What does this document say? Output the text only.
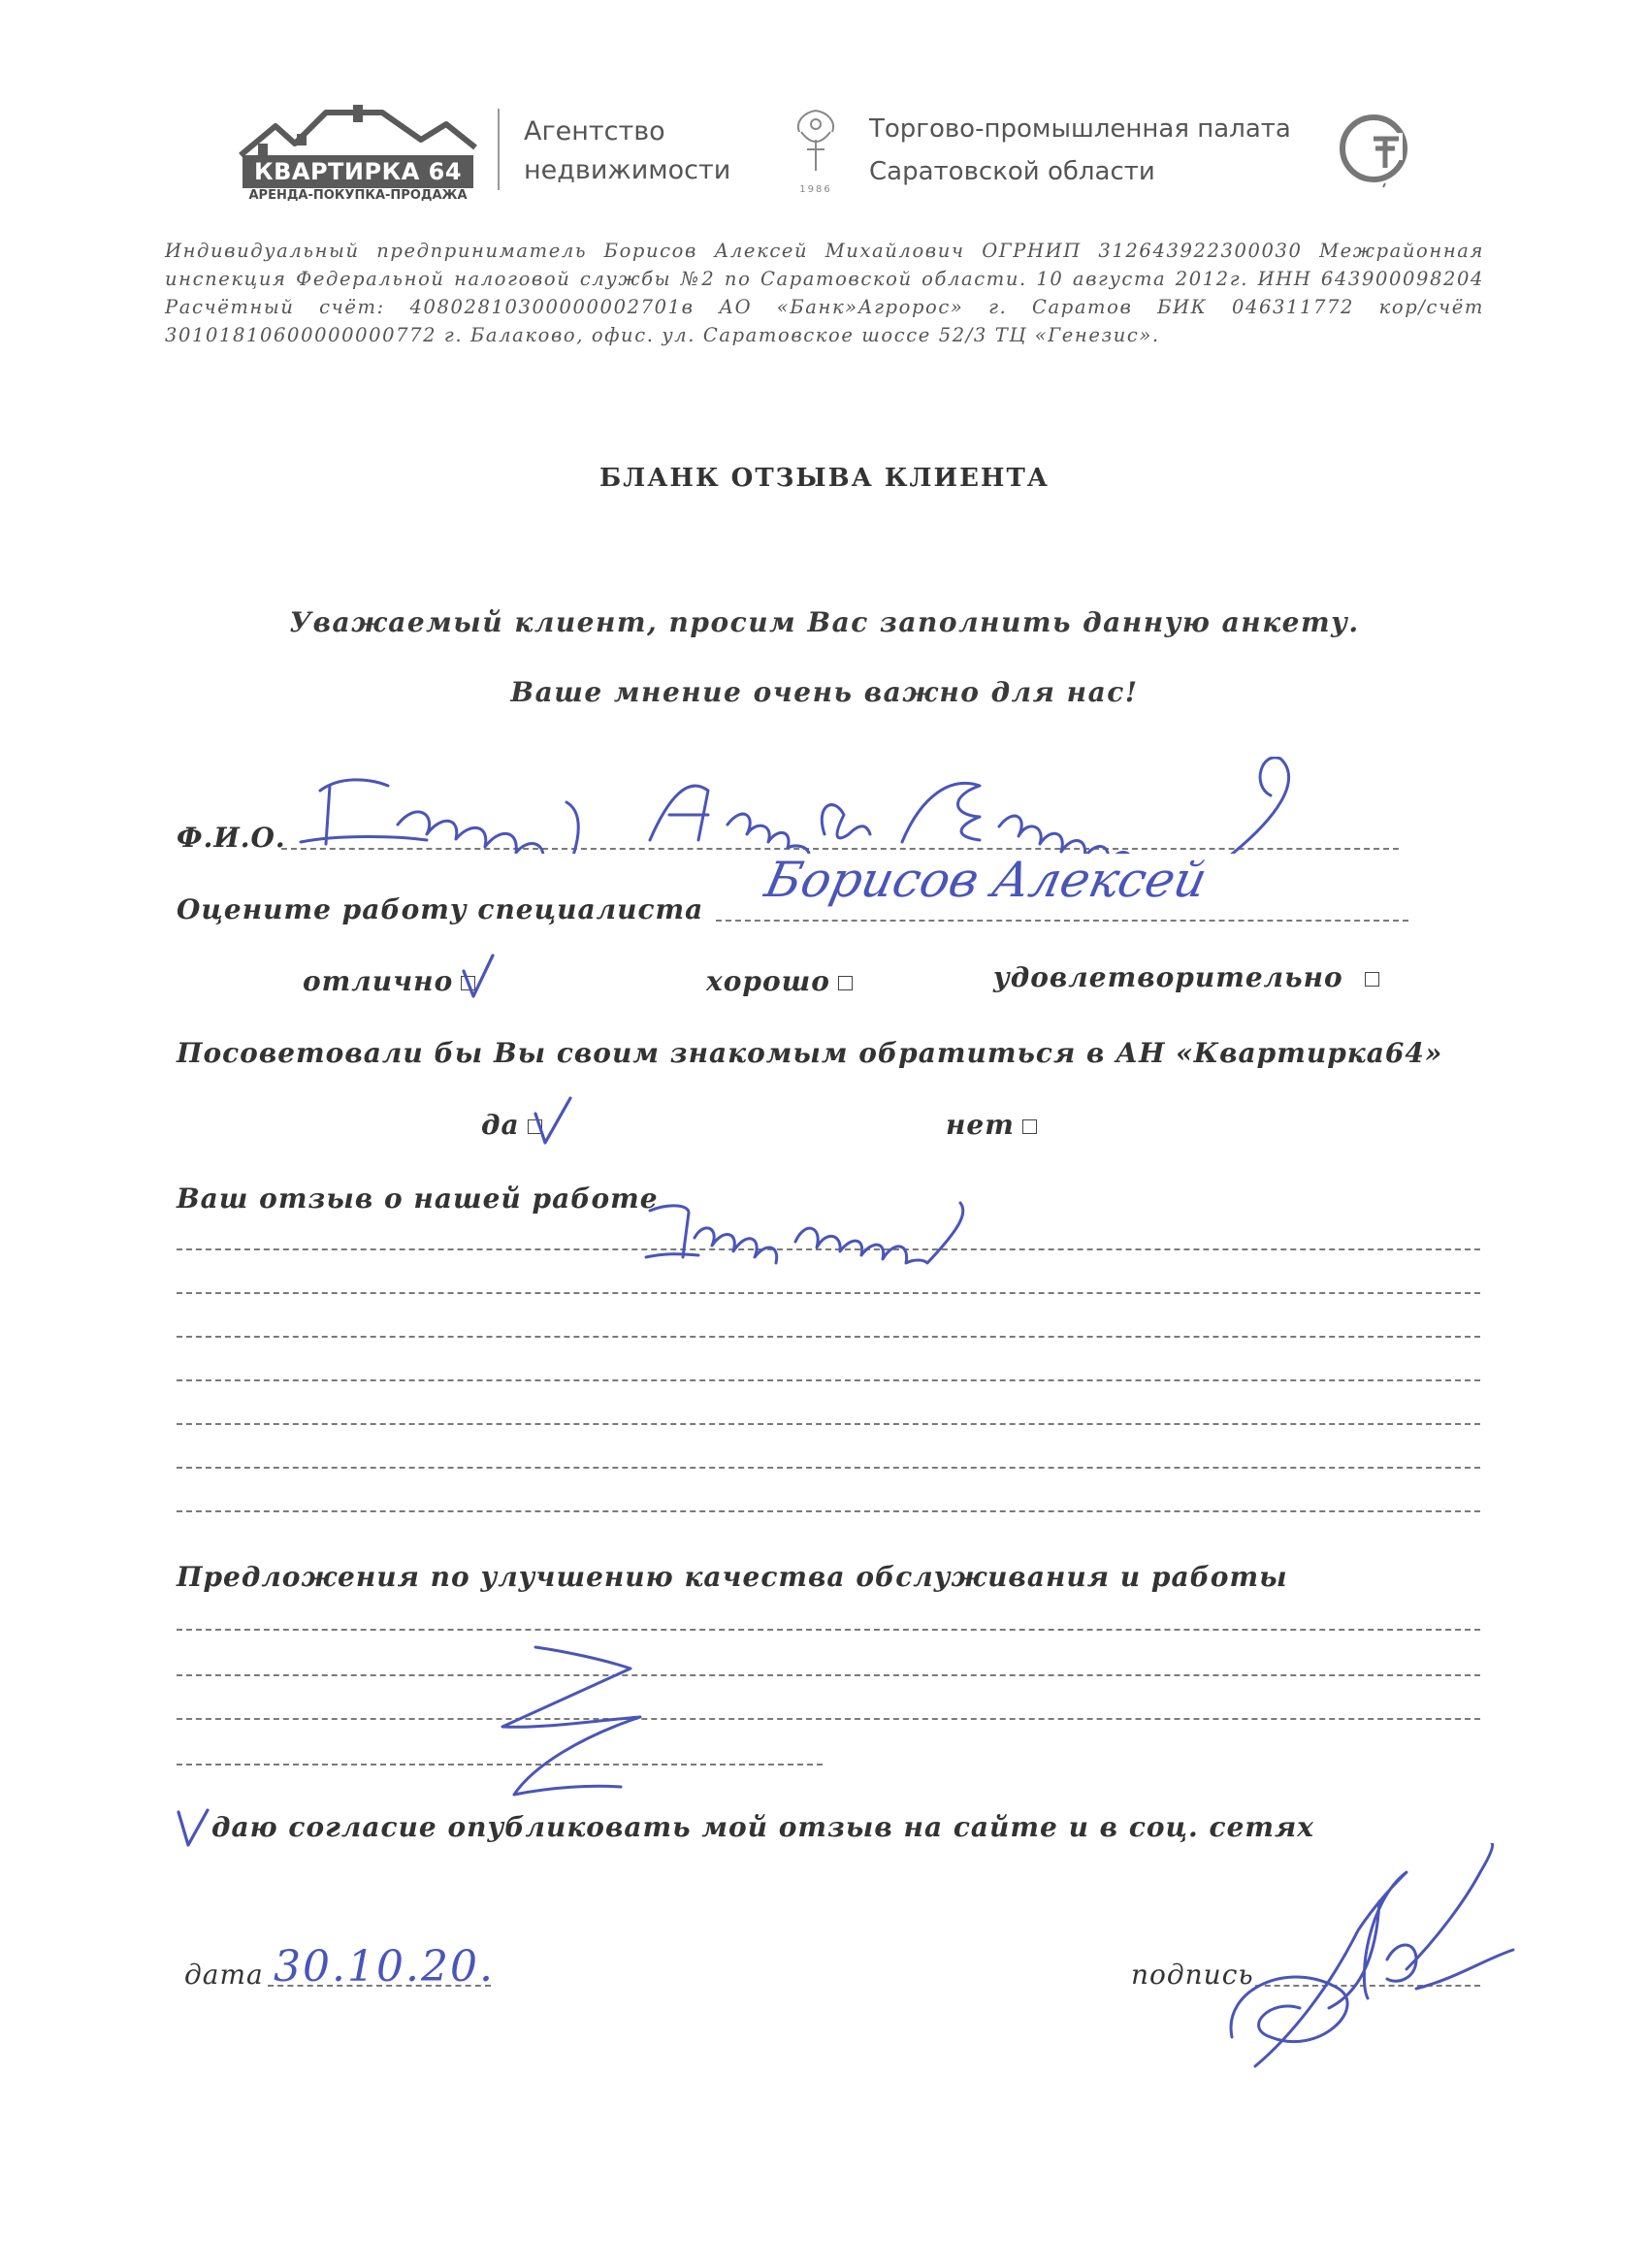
КВАРТИРКА 64
АРЕНДА-ПОКУПКА-ПРОДАЖА
Агентство
недвижимости
1986
Торгово-промышленная палата
Саратовской области
Индивидуальный предприниматель Борисов Алексей Михайлович ОГРНИП 312643922300030 Межрайонная инспекция Федеральной налоговой службы №2 по Саратовской области. 10 августа 2012г. ИНН 643900098204 Расчётный счёт: 40802810300000002701в АО «Банк»Агророс» г. Саратов БИК 046311772 кор/счёт 30101810600000000772 г. Балаково, офис. ул. Саратовское шоссе 52/3 ТЦ «Генезис».
БЛАНК ОТЗЫВА КЛИЕНТА
Уважаемый клиент, просим Вас заполнить данную анкету.
Ваше мнение очень важно для нас!
Ф.И.О.
Оцените работу специалиста
Борисов Алексей
отлично	хорошо	удовлетворительно
Посоветовали бы Вы своим знакомым обратиться в АН «Квартирка64»
да	нет
Ваш отзыв о нашей работе
Предложения по улучшению качества обслуживания и работы
даю согласие опубликовать мой отзыв на сайте и в соц. сетях
дата 30.10.20.	подпись
